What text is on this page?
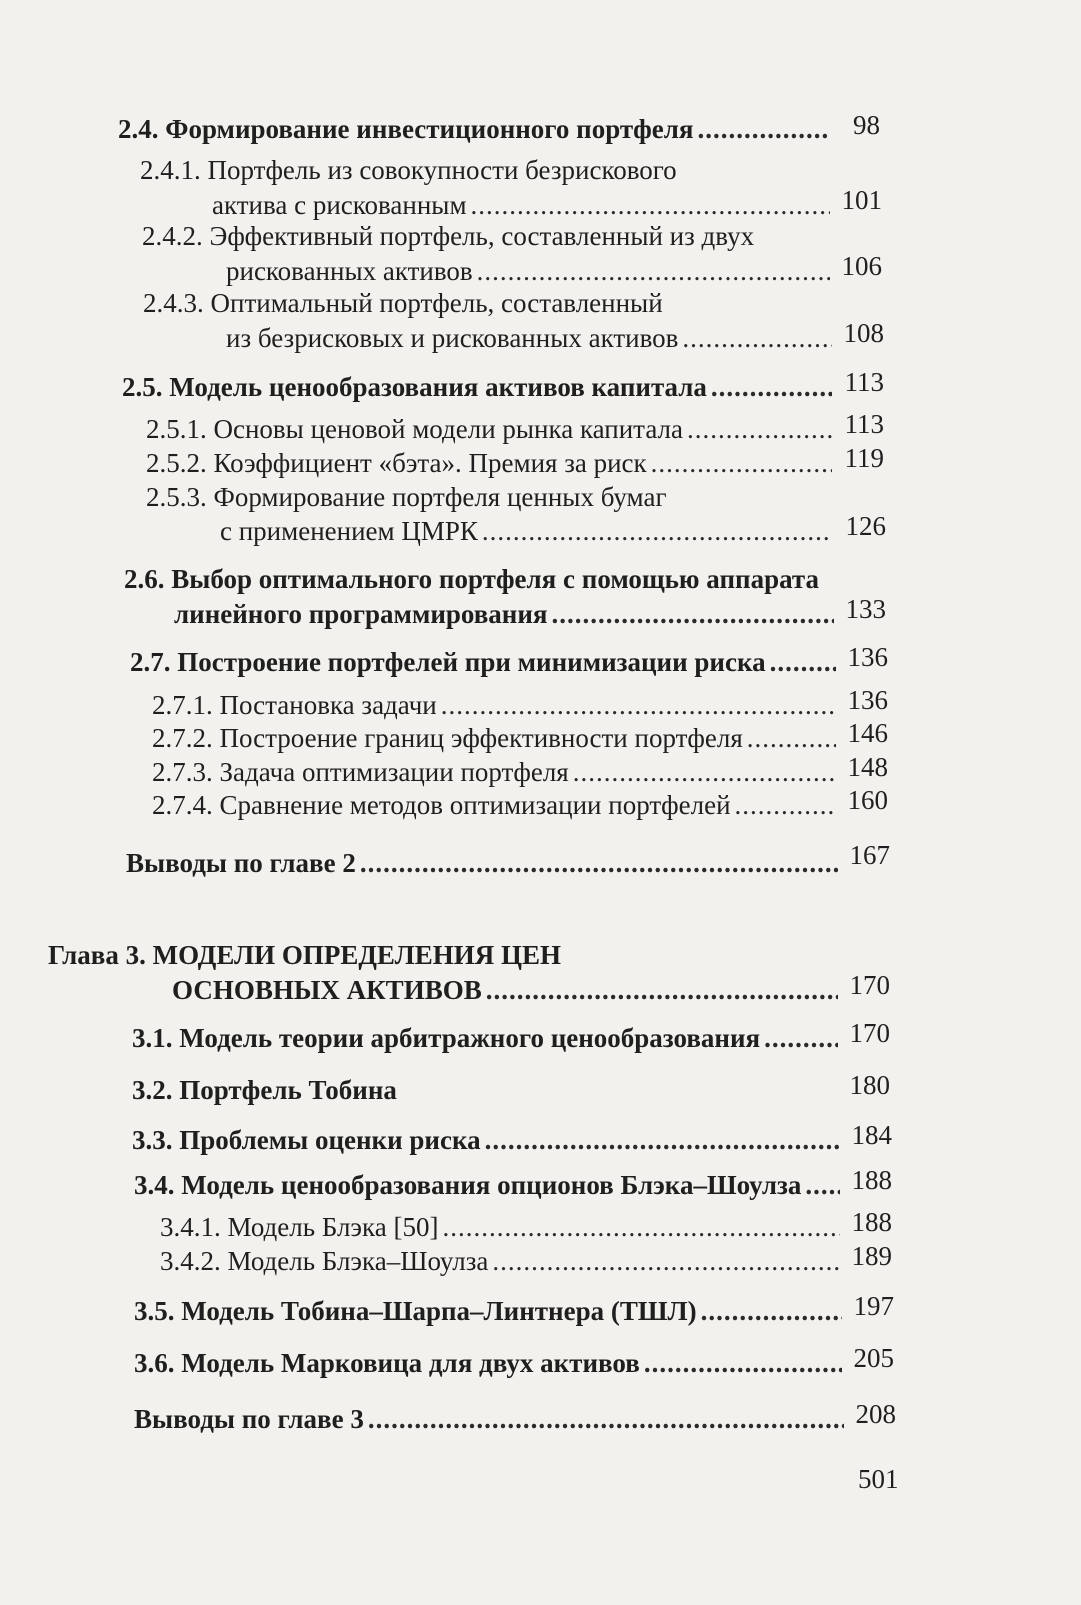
2.4. Формирование инвестиционного портфеля .....	98
2.4.1. Портфель из совокупности безрискового
актива с рискованным .....	101
2.4.2. Эффективный портфель, составленный из двух
рискованных активов .....	106
2.4.3. Оптимальный портфель, составленный
из безрисковых и рискованных активов .....	108
2.5. Модель ценообразования активов капитала .....	113
2.5.1. Основы ценовой модели рынка капитала .....	113
2.5.2. Коэффициент «бэта». Премия за риск .....	119
2.5.3. Формирование портфеля ценных бумаг
с применением ЦМРК .....	126
2.6. Выбор оптимального портфеля с помощью аппарата
линейного программирования .....	133
2.7. Построение портфелей при минимизации риска .....	136
2.7.1. Постановка задачи .....	136
2.7.2. Построение границ эффективности портфеля .....	146
2.7.3. Задача оптимизации портфеля .....	148
2.7.4. Сравнение методов оптимизации портфелей .....	160
Выводы по главе 2 .....	167
Глава 3. МОДЕЛИ ОПРЕДЕЛЕНИЯ ЦЕН
ОСНОВНЫХ АКТИВОВ .....	170
3.1. Модель теории арбитражного ценообразования .....	170
3.2. Портфель Тобина	180
3.3. Проблемы оценки риска .....	184
3.4. Модель ценообразования опционов Блэка–Шоулза .....	188
3.4.1. Модель Блэка [50] .....	188
3.4.2. Модель Блэка–Шоулза .....	189
3.5. Модель Тобина–Шарпа–Линтнера (ТШЛ) .....	197
3.6. Модель Марковица для двух активов .....	205
Выводы по главе 3 .....	208
501
